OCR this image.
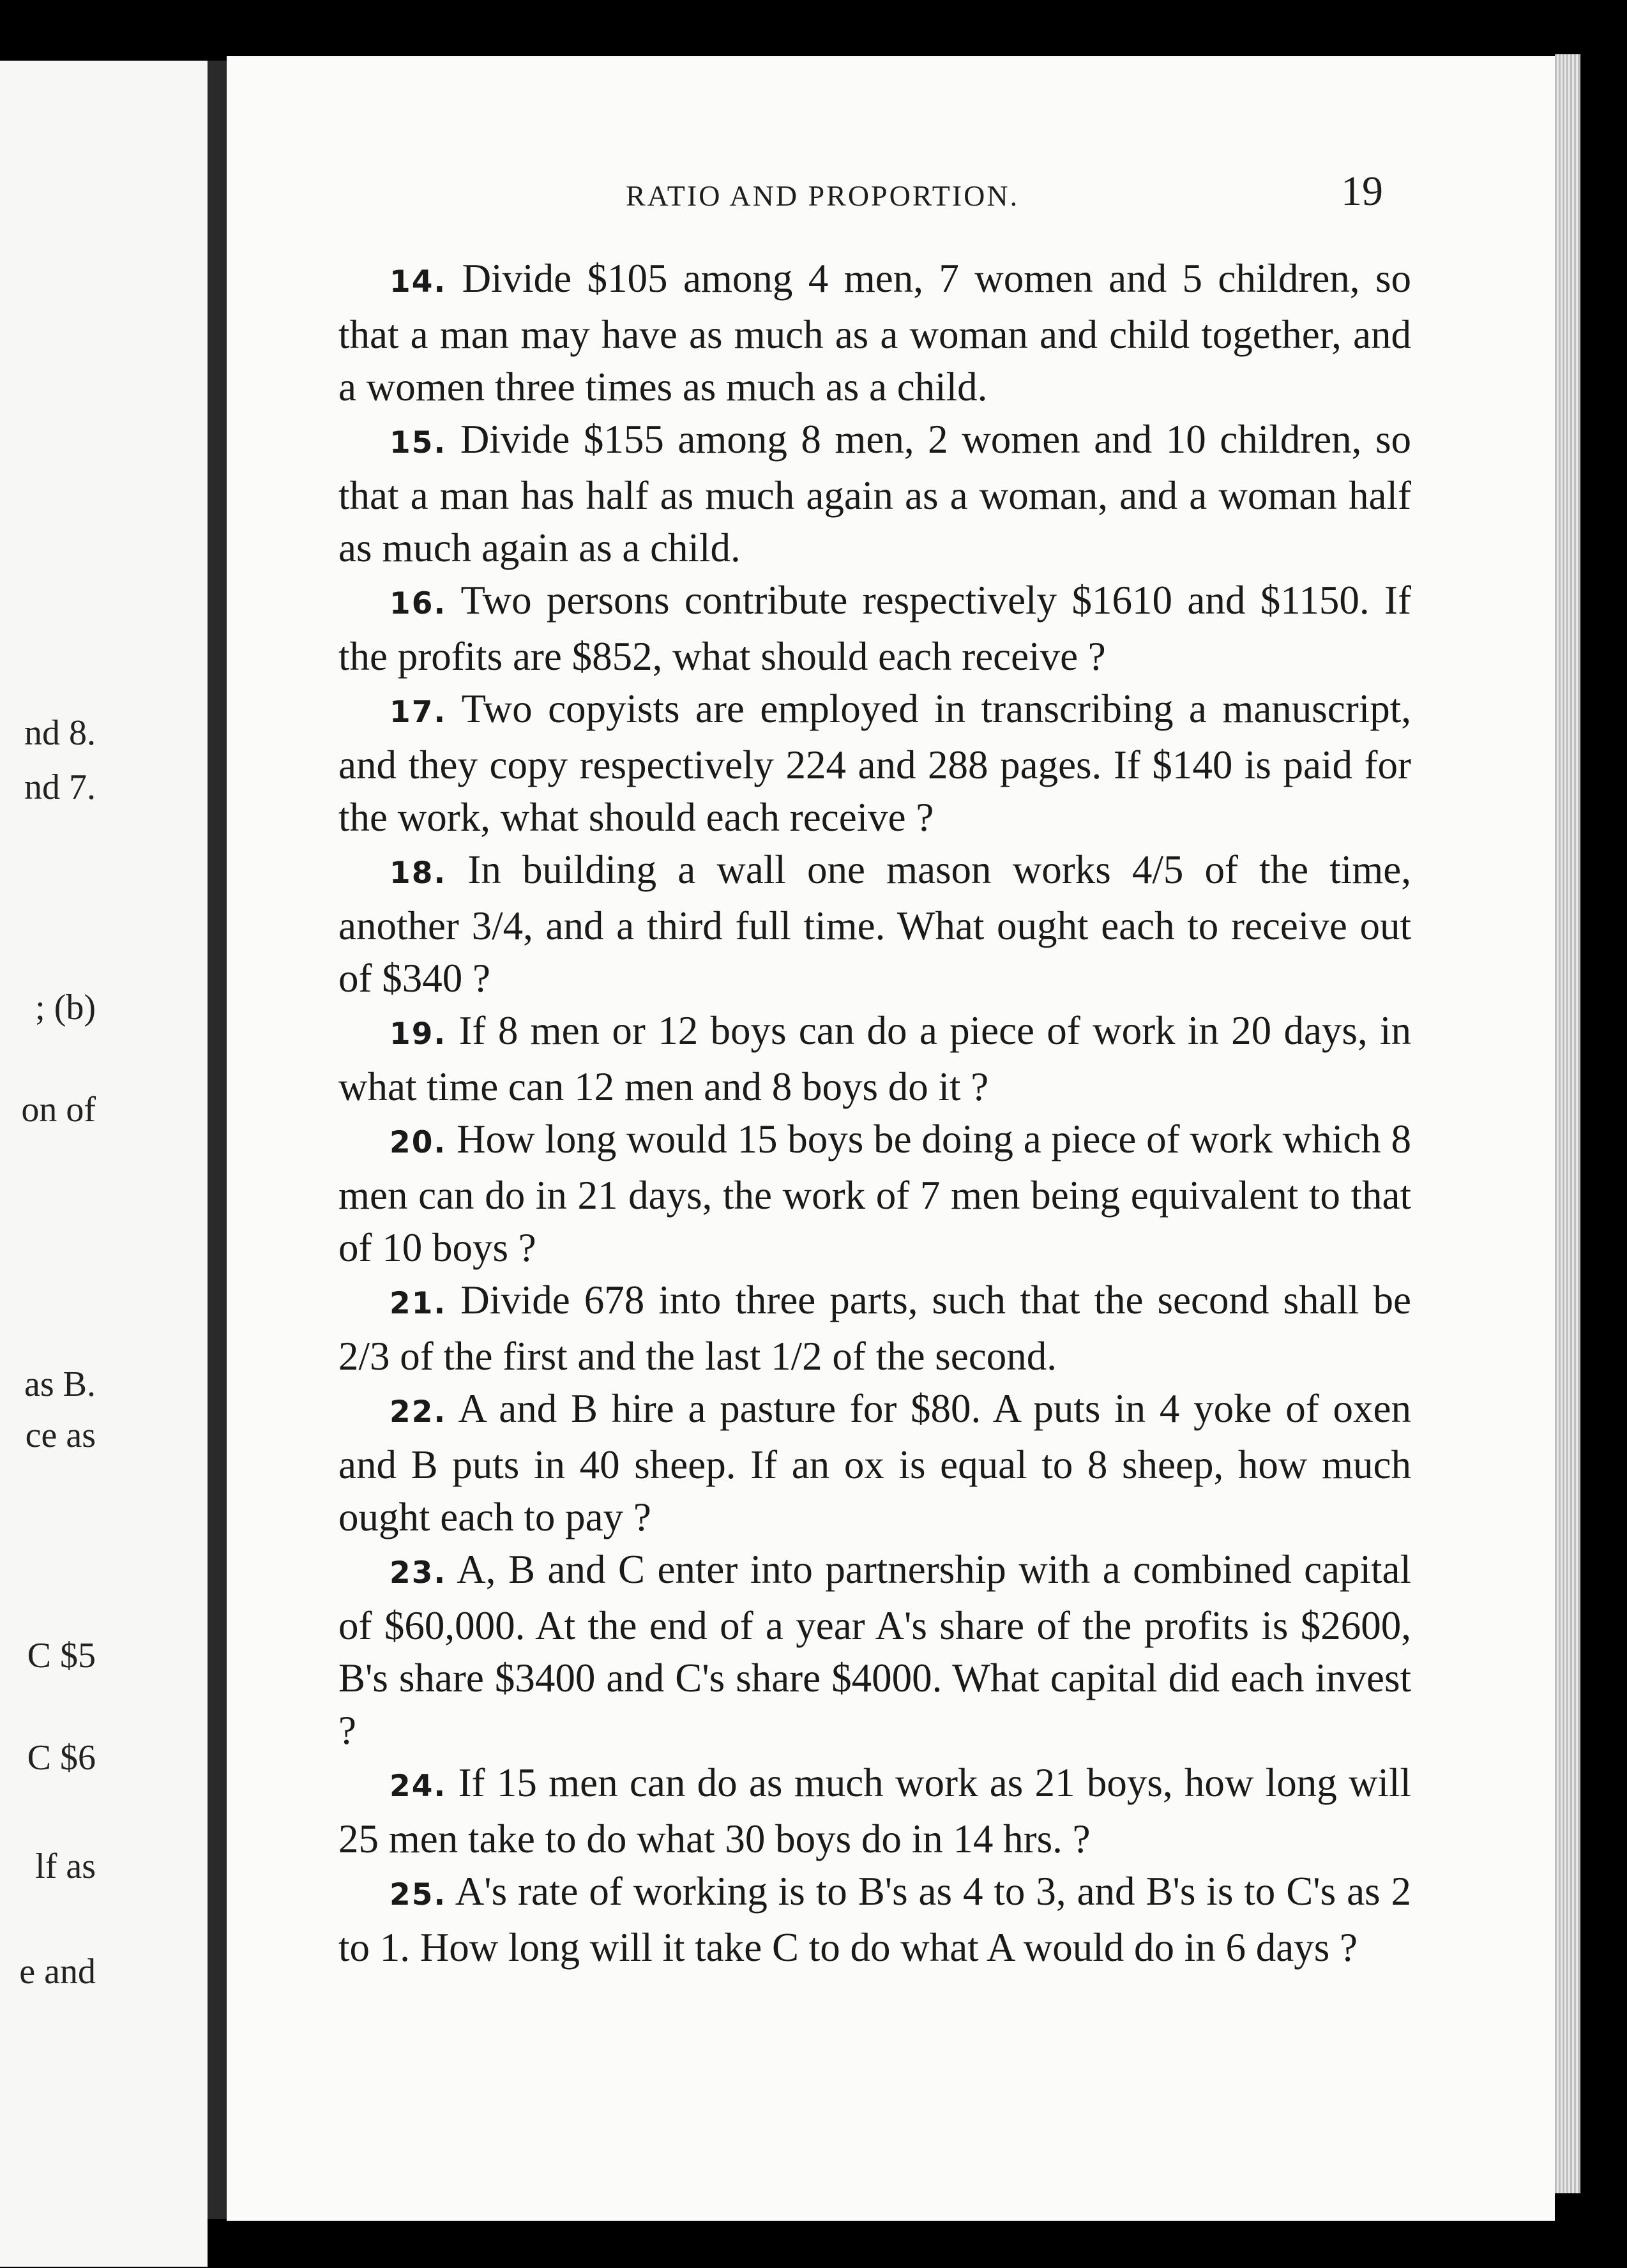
nd 8.
nd 7.
; (b)
on of
as B.
ce as
C $5
C $6
lf as
e and
RATIO AND PROPORTION.	19

14. Divide $105 among 4 men, 7 women and 5 children, so that a man may have as much as a woman and child together, and a women three times as much as a child.

15. Divide $155 among 8 men, 2 women and 10 children, so that a man has half as much again as a woman, and a woman half as much again as a child.

16. Two persons contribute respectively $1610 and $1150. If the profits are $852, what should each receive ?

17. Two copyists are employed in transcribing a manuscript, and they copy respectively 224 and 288 pages. If $140 is paid for the work, what should each receive ?

18. In building a wall one mason works 4/5 of the time, another 3/4, and a third full time. What ought each to receive out of $340 ?

19. If 8 men or 12 boys can do a piece of work in 20 days, in what time can 12 men and 8 boys do it ?

20. How long would 15 boys be doing a piece of work which 8 men can do in 21 days, the work of 7 men being equivalent to that of 10 boys ?

21. Divide 678 into three parts, such that the second shall be 2/3 of the first and the last 1/2 of the second.

22. A and B hire a pasture for $80. A puts in 4 yoke of oxen and B puts in 40 sheep. If an ox is equal to 8 sheep, how much ought each to pay ?

23. A, B and C enter into partnership with a combined capital of $60,000. At the end of a year A's share of the profits is $2600, B's share $3400 and C's share $4000. What capital did each invest ?

24. If 15 men can do as much work as 21 boys, how long will 25 men take to do what 30 boys do in 14 hrs. ?

25. A's rate of working is to B's as 4 to 3, and B's is to C's as 2 to 1. How long will it take C to do what A would do in 6 days ?
